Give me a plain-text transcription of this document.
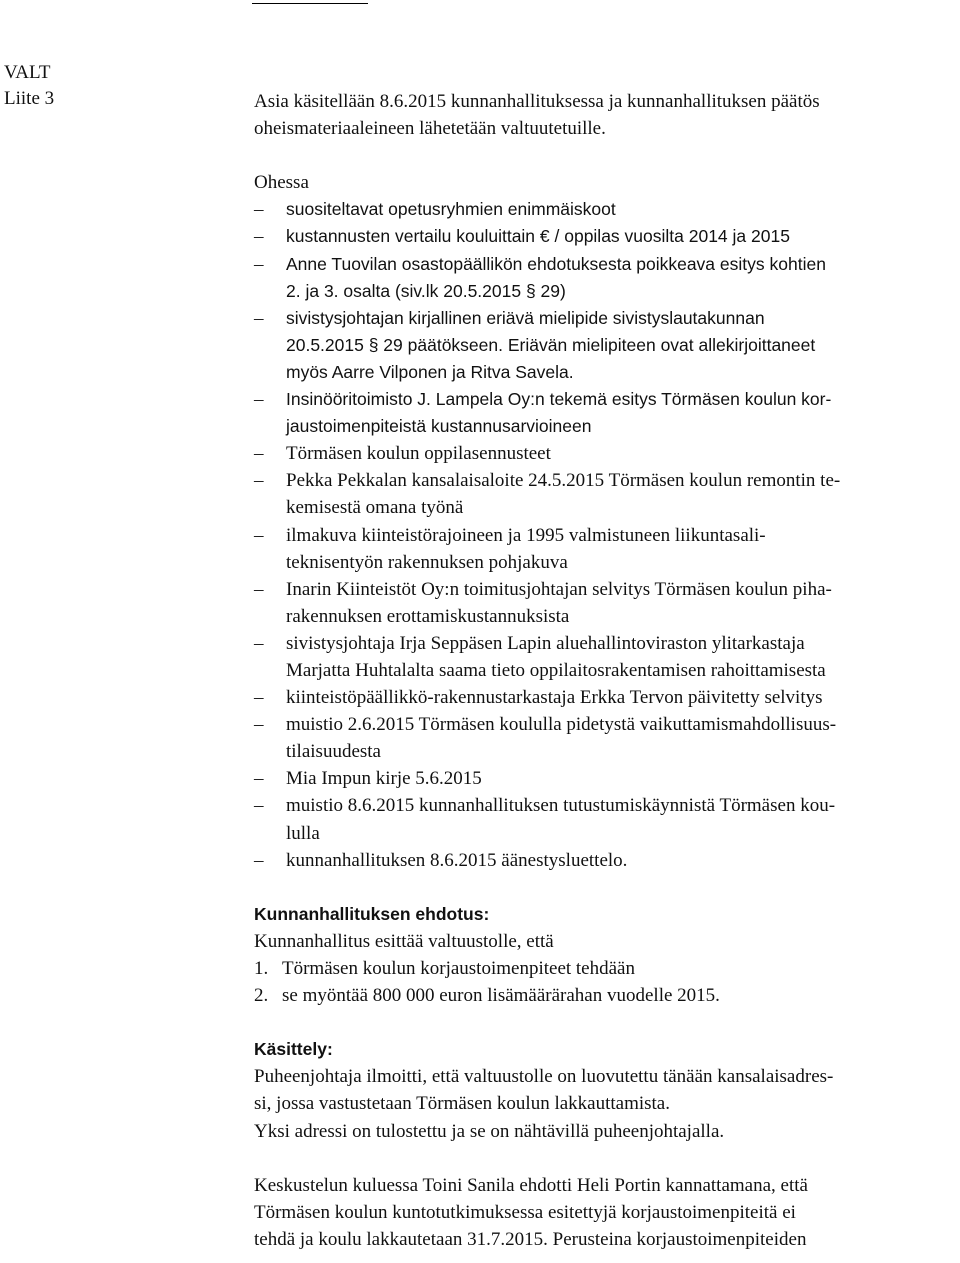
VALT
Liite 3	Asia käsitellään 8.6.2015 kunnanhallituksessa ja kunnanhallituksen päätös
oheismateriaaleineen lähetetään valtuutetuille.
Ohessa
–	suositeltavat opetusryhmien enimmäiskoot
–	kustannusten vertailu kouluittain € / oppilas vuosilta 2014 ja 2015
–	Anne Tuovilan osastopäällikön ehdotuksesta poikkeava esitys kohtien
2. ja 3. osalta (siv.lk 20.5.2015 § 29)
–	sivistysjohtajan kirjallinen eriävä mielipide sivistyslautakunnan
20.5.2015 § 29 päätökseen. Eriävän mielipiteen ovat allekirjoittaneet
myös Aarre Vilponen ja Ritva Savela.
–	Insinööritoimisto J. Lampela Oy:n tekemä esitys Törmäsen koulun kor-
jaustoimenpiteistä kustannusarvioineen
–	Törmäsen koulun oppilasennusteet
–	Pekka Pekkalan kansalaisaloite 24.5.2015 Törmäsen koulun remontin te-
kemisestä omana työnä
–	ilmakuva kiinteistörajoineen ja 1995 valmistuneen liikuntasali-
teknisentyön rakennuksen pohjakuva
–	Inarin Kiinteistöt Oy:n toimitusjohtajan selvitys Törmäsen koulun piha-
rakennuksen erottamiskustannuksista
–	sivistysjohtaja Irja Seppäsen Lapin aluehallintoviraston ylitarkastaja
Marjatta Huhtalalta saama tieto oppilaitosrakentamisen rahoittamisesta
–	kiinteistöpäällikkö-rakennustarkastaja Erkka Tervon päivitetty selvitys
–	muistio 2.6.2015 Törmäsen koululla pidetystä vaikuttamismahdollisuus-
tilaisuudesta
–	Mia Impun kirje 5.6.2015
–	muistio 8.6.2015 kunnanhallituksen tutustumiskäynnistä Törmäsen kou-
lulla
–	kunnanhallituksen 8.6.2015 äänestysluettelo.
Kunnanhallituksen ehdotus:
Kunnanhallitus esittää valtuustolle, että
1. Törmäsen koulun korjaustoimenpiteet tehdään
2. se myöntää 800 000 euron lisämäärärahan vuodelle 2015.
Käsittely:
Puheenjohtaja ilmoitti, että valtuustolle on luovutettu tänään kansalaisadres-
si, jossa vastustetaan Törmäsen koulun lakkauttamista.
Yksi adressi on tulostettu ja se on nähtävillä puheenjohtajalla.
Keskustelun kuluessa Toini Sanila ehdotti Heli Portin kannattamana, että
Törmäsen koulun kuntotutkimuksessa esitettyjä korjaustoimenpiteitä ei
tehdä ja koulu lakkautetaan 31.7.2015. Perusteina korjaustoimenpiteiden
